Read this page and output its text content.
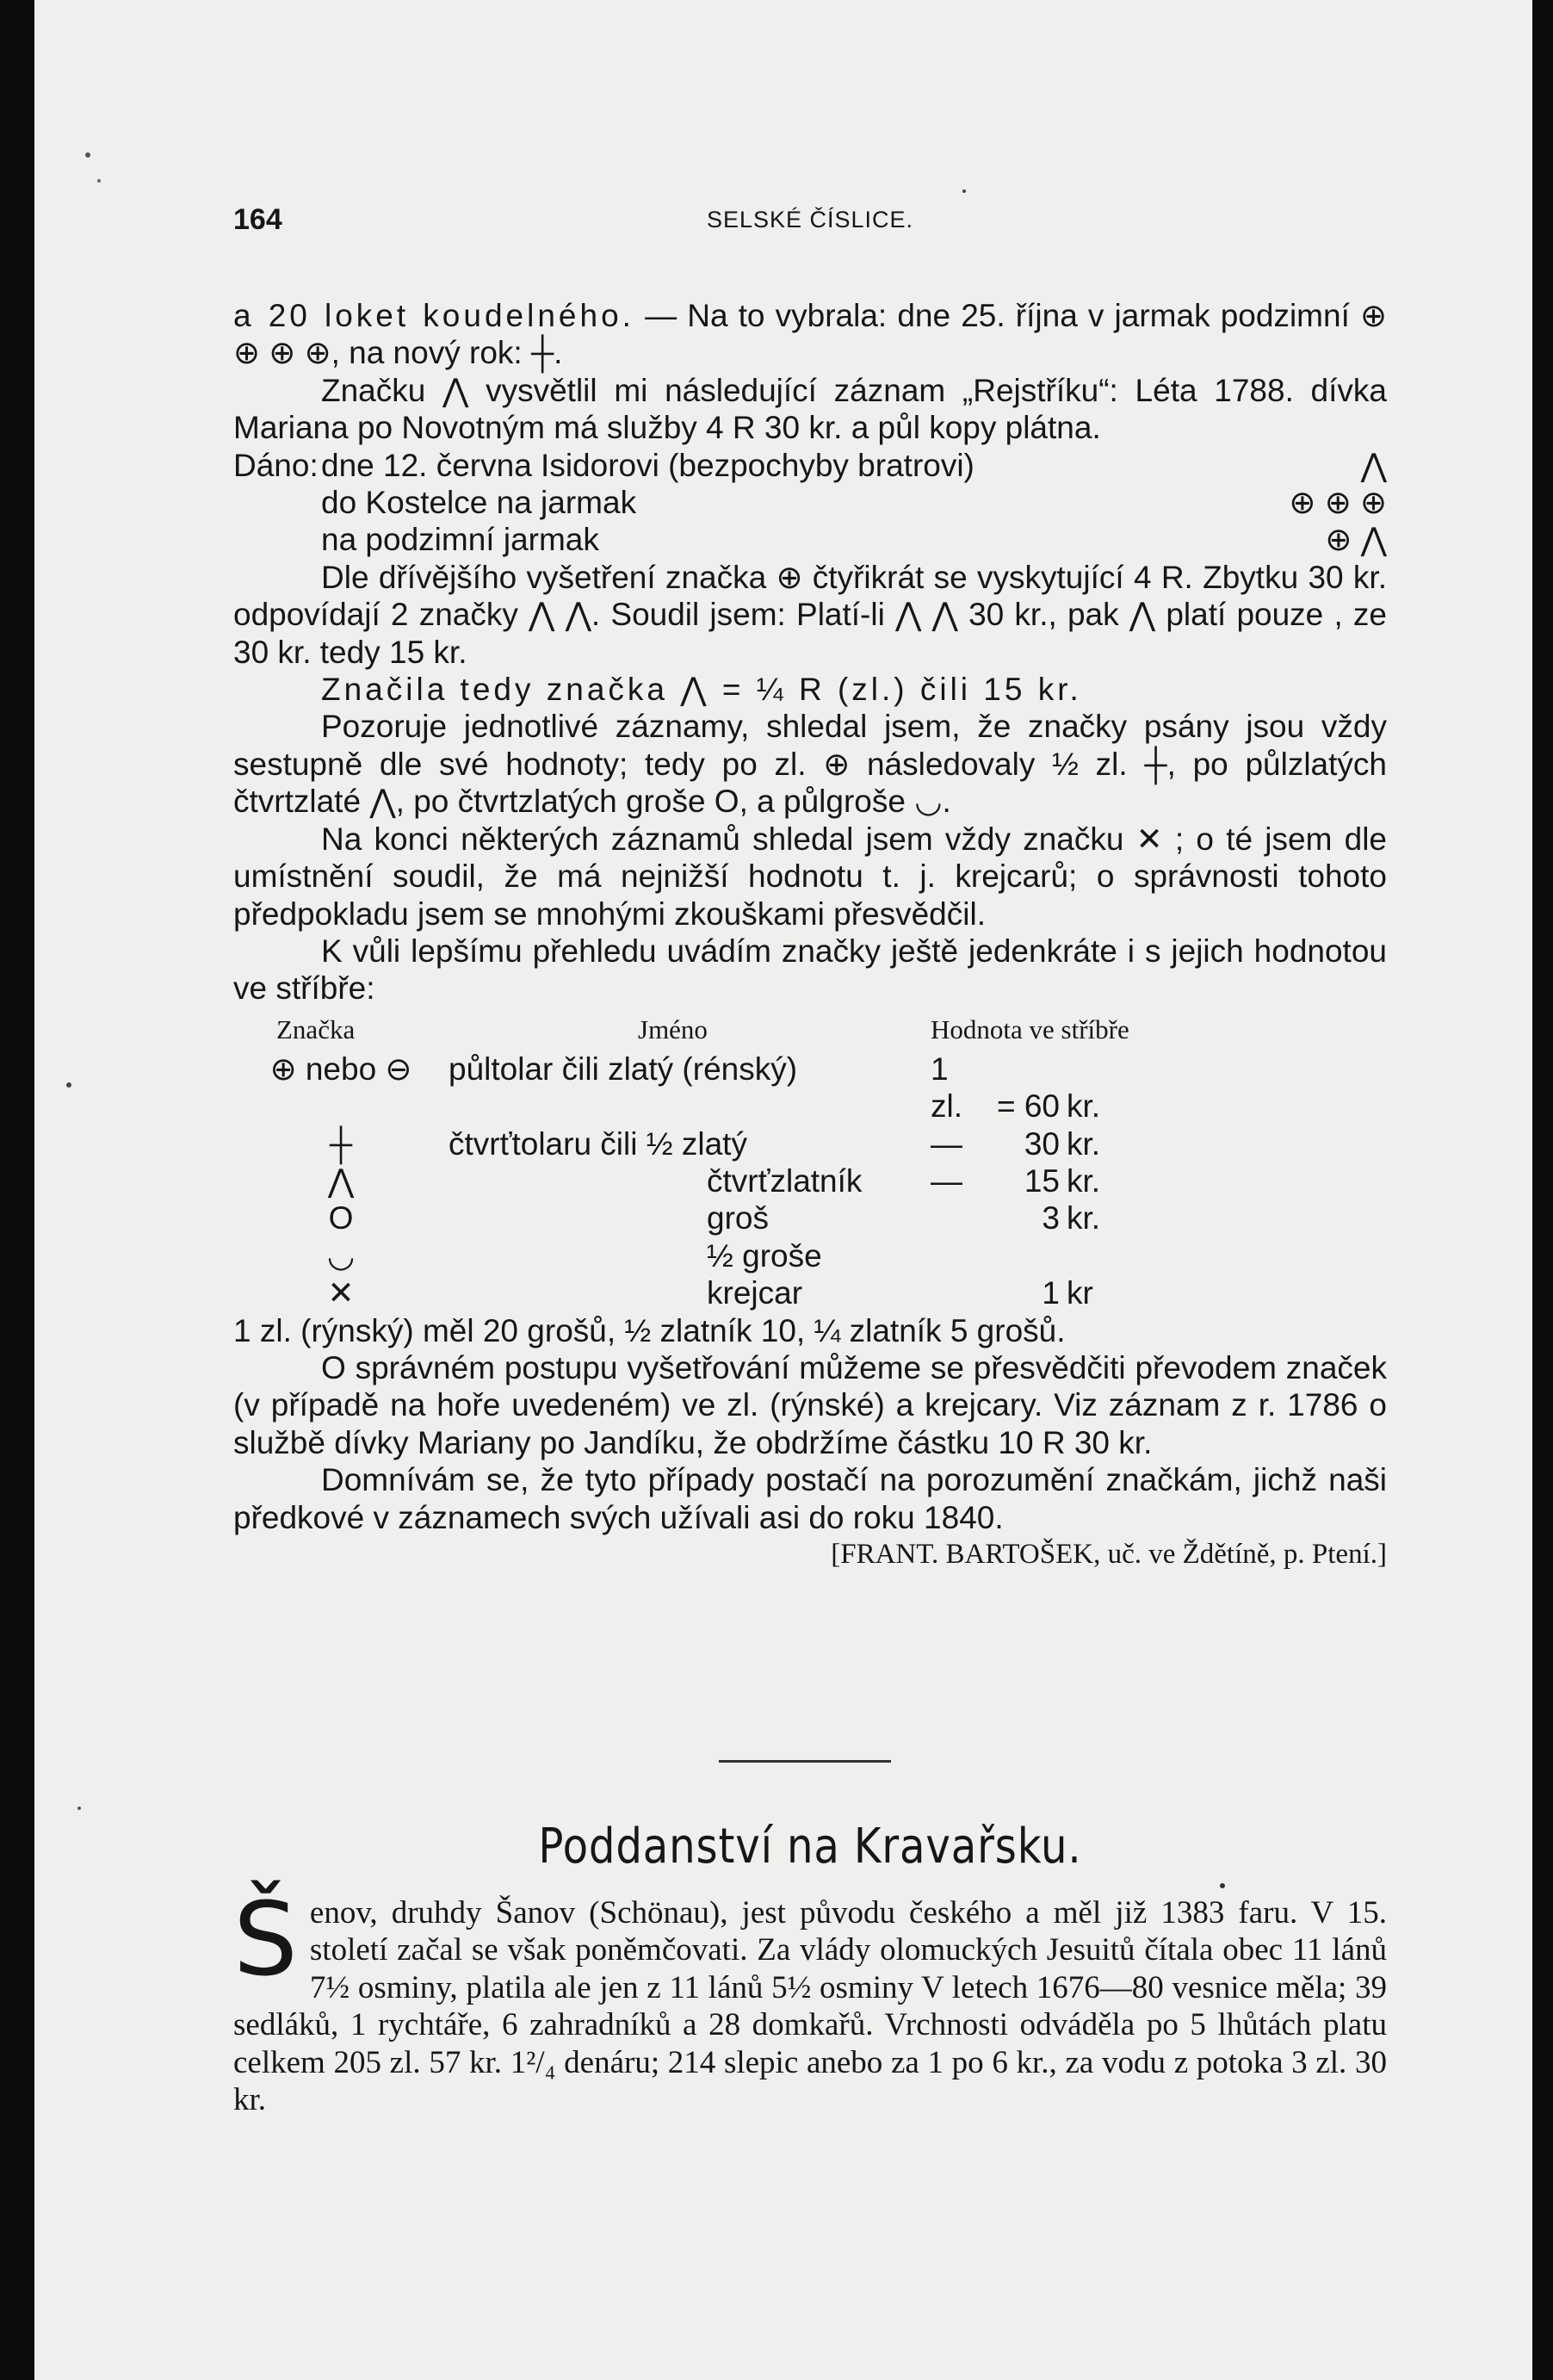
164	SELSKÉ ČÍSLICE.

a 20 loket koudelného. — Na to vybrala: dne 25. října v jarmak podzimní ⊕ ⊕ ⊕ ⊕, na nový rok: ┼.

Značku ⋀ vysvětlil mi následující záznam „Rejstříku“: Léta 1788. dívka Mariana po Novotným má služby 4 R 30 kr. a půl kopy plátna.

Dáno: dne 12. června Isidorovi (bezpochyby bratrovi)	⋀
do Kostelce na jarmak	⊕ ⊕ ⊕
na podzimní jarmak	⊕ ⋀

Dle dřívějšího vyšetření značka ⊕ čtyřikrát se vyskytující 4 R. Zbytku 30 kr. odpovídají 2 značky ⋀ ⋀. Soudil jsem: Platí-li ⋀ ⋀ 30 kr., pak ⋀ platí pouze , ze 30 kr. tedy 15 kr.

Značila tedy značka ⋀ = ¼ R (zl.) čili 15 kr.

Pozoruje jednotlivé záznamy, shledal jsem, že značky psány jsou vždy sestupně dle své hodnoty; tedy po zl. ⊕ následovaly ½ zl. ┼, po půlzlatých čtvrtzlaté ⋀, po čtvrtzlatých groše O, a půlgroše ◡.

Na konci některých záznamů shledal jsem vždy značku ✕ ; o té jsem dle umístnění soudil, že má nejnižší hodnotu t. j. krejcarů; o správnosti tohoto předpokladu jsem se mnohými zkouškami přesvědčil.

K vůli lepšímu přehledu uvádím značky ještě jedenkráte i s jejich hodnotou ve stříbře:

Značka	Jméno	Hodnota ve stříbře
⊕ nebo ⊖	půltolar čili zlatý (rénský)	1 zl. = 60 kr.
┼	čtvrťtolaru čili ½ zlatý	— 30 kr.
⋀	čtvrťzlatník	— 15 kr.
O	groš	3 kr.
◡	½ groše
✕	krejcar	1 kr

1 zl. (rýnský) měl 20 grošů, ½ zlatník 10, ¼ zlatník 5 grošů.

O správném postupu vyšetřování můžeme se přesvědčiti převodem značek (v případě na hoře uvedeném) ve zl. (rýnské) a krejcary. Viz záznam z r. 1786 o službě dívky Mariany po Jandíku, že obdržíme částku 10 R 30 kr.

Domnívám se, že tyto případy postačí na porozumění značkám, jichž naši předkové v záznamech svých užívali asi do roku 1840.
[FRANT. BARTOŠEK, uč. ve Ždětíně, p. Ptení.]

Poddanství na Kravařsku.

Šenov, druhdy Šanov (Schönau), jest původu českého a měl již 1383 faru. V 15. století začal se však poněmčovati. Za vlády olomuckých Jesuitů čítala obec 11 lánů 7½ osminy, platila ale jen z 11 lánů 5½ osminy V letech 1676—80 vesnice měla; 39 sedláků, 1 rychtáře, 6 zahradníků a 28 domkařů. Vrchnosti odváděla po 5 lhůtách platu celkem 205 zl. 57 kr. 1²/₄ denáru; 214 slepic anebo za 1 po 6 kr., za vodu z potoka 3 zl. 30 kr.
